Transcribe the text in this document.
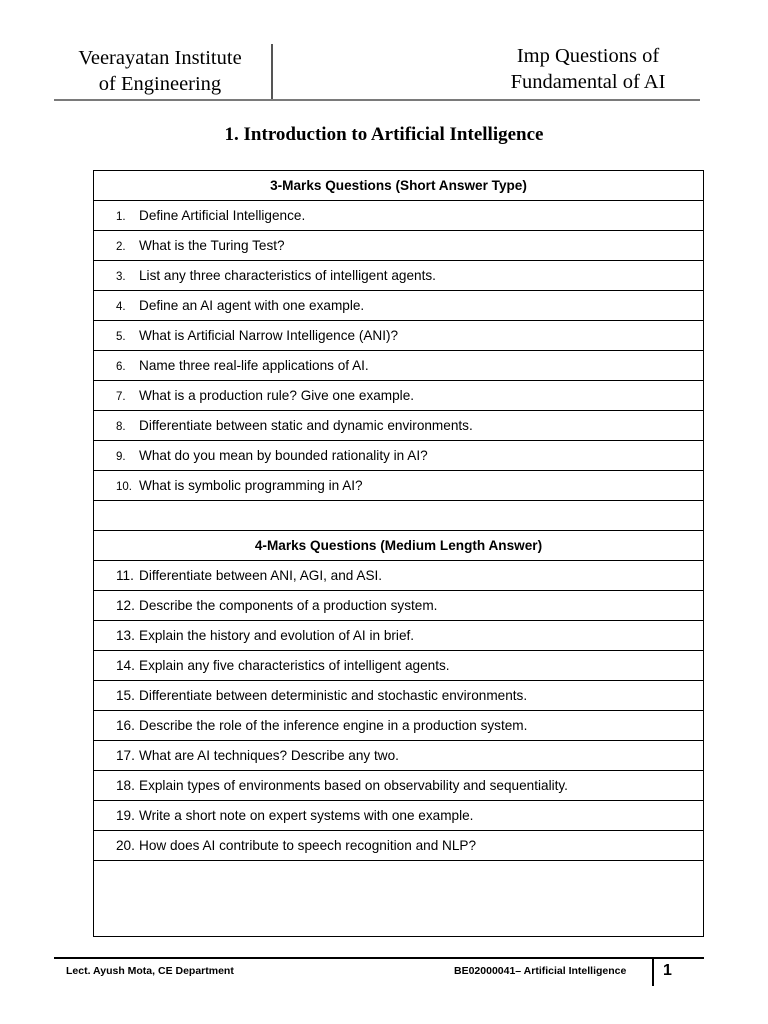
Veerayatan Institute
of Engineering
Imp Questions of
Fundamental of AI
1. Introduction to Artificial Intelligence
3-Marks Questions (Short Answer Type)
1. Define Artificial Intelligence.
2. What is the Turing Test?
3. List any three characteristics of intelligent agents.
4. Define an AI agent with one example.
5. What is Artificial Narrow Intelligence (ANI)?
6. Name three real-life applications of AI.
7. What is a production rule? Give one example.
8. Differentiate between static and dynamic environments.
9. What do you mean by bounded rationality in AI?
10. What is symbolic programming in AI?

4-Marks Questions (Medium Length Answer)
11. Differentiate between ANI, AGI, and ASI.
12. Describe the components of a production system.
13. Explain the history and evolution of AI in brief.
14. Explain any five characteristics of intelligent agents.
15. Differentiate between deterministic and stochastic environments.
16. Describe the role of the inference engine in a production system.
17. What are AI techniques? Describe any two.
18. Explain types of environments based on observability and sequentiality.
19. Write a short note on expert systems with one example.
20. How does AI contribute to speech recognition and NLP?

Lect. Ayush Mota, CE Department	BE02000041– Artificial Intelligence 1
